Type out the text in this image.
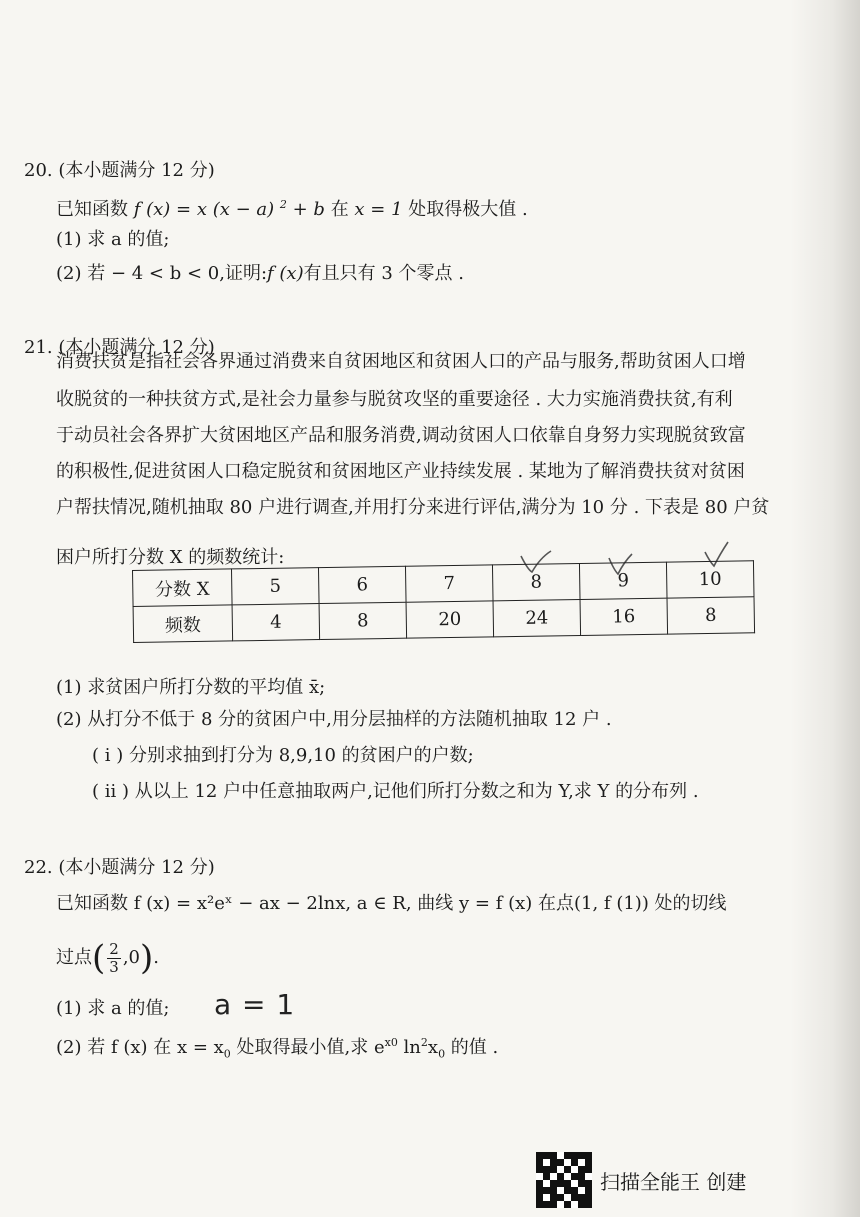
20. (本小题满分 12 分)
已知函数 f (x) = x (x − a) $^2$ + b 在 x = 1 处取得极大值 .
(1) 求 a 的值;
(2) 若 − 4 < b < 0,证明:f (x)有且只有 3 个零点 .
21. (本小题满分 12 分)
消费扶贫是指社会各界通过消费来自贫困地区和贫困人口的产品与服务,帮助贫困人口增
收脱贫的一种扶贫方式,是社会力量参与脱贫攻坚的重要途径 . 大力实施消费扶贫,有利
于动员社会各界扩大贫困地区产品和服务消费,调动贫困人口依靠自身努力实现脱贫致富
的积极性,促进贫困人口稳定脱贫和贫困地区产业持续发展 . 某地为了解消费扶贫对贫困
户帮扶情况,随机抽取 80 户进行调查,并用打分来进行评估,满分为 10 分 . 下表是 80 户贫
困户所打分数 X 的频数统计:
分数 X	5	6	7	8	9	10
频数	4	8	20	24	16	8
(1) 求贫困户所打分数的平均值 x̄;
(2) 从打分不低于 8 分的贫困户中,用分层抽样的方法随机抽取 12 户 .
( i ) 分别求抽到打分为 8,9,10 的贫困户的户数;
( ii ) 从以上 12 户中任意抽取两户,记他们所打分数之和为 Y,求 Y 的分布列 .
22. (本小题满分 12 分)
已知函数 f (x) = x²eˣ − ax − 2lnx, a ∈ R, 曲线 y = f (x) 在点(1, f (1)) 处的切线
过点( $\frac{2}{3} ,0$).
(1) 求 a 的值; a = 1
(2) 若 f (x) 在 $x = x_0$ 处取得最小值,求 $e^{x0}$ $\ln^2x_0$ 的值 .
扫描全能王 创建
